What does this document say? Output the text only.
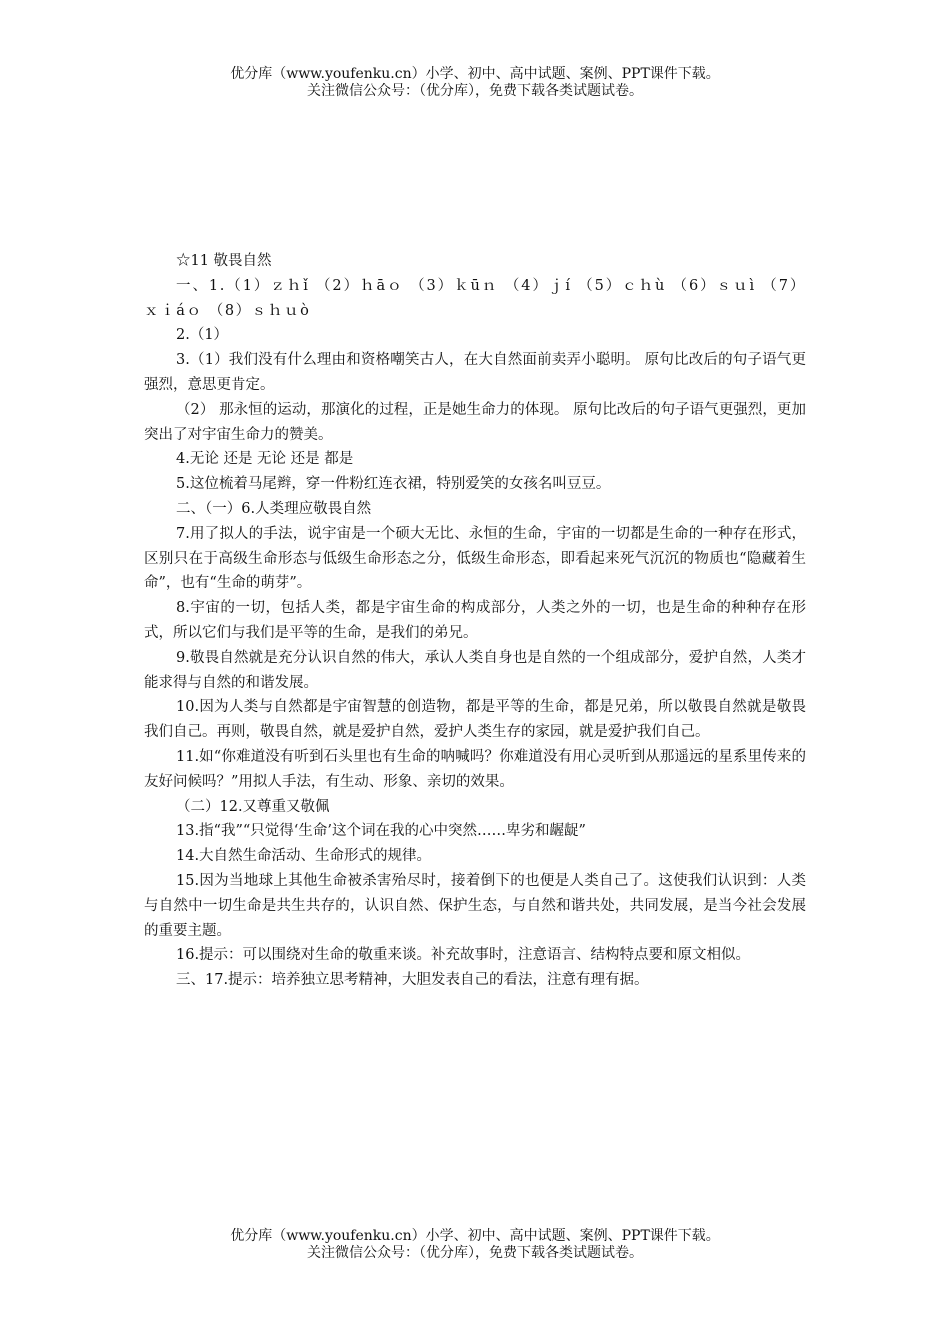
优分库（www.youfenku.cn）小学、初中、高中试题、案例、PPT课件下载。
关注微信公众号：（优分库），免费下载各类试题试卷。

☆11 敬畏自然

一、1.（1）ｚｈǐ （2）ｈāｏ （3）ｋūｎ （4）ｊí （5）ｃｈù （6）ｓｕì （7）ｘｉáｏ （8）ｓｈｕò

2.（1）

3.（1）我们没有什么理由和资格嘲笑古人，在大自然面前卖弄小聪明。 原句比改后的句子语气更强烈，意思更肯定。

（2） 那永恒的运动，那演化的过程，正是她生命力的体现。 原句比改后的句子语气更强烈，更加突出了对宇宙生命力的赞美。

4.无论 还是 无论 还是 都是

5.这位梳着马尾辫，穿一件粉红连衣裙，特别爱笑的女孩名叫豆豆。

二、（一）6.人类理应敬畏自然

7.用了拟人的手法，说宇宙是一个硕大无比、永恒的生命，宇宙的一切都是生命的一种存在形式，区别只在于高级生命形态与低级生命形态之分，低级生命形态，即看起来死气沉沉的物质也“隐藏着生命”，也有“生命的萌芽”。

8.宇宙的一切，包括人类，都是宇宙生命的构成部分，人类之外的一切，也是生命的种种存在形式，所以它们与我们是平等的生命，是我们的弟兄。

9.敬畏自然就是充分认识自然的伟大，承认人类自身也是自然的一个组成部分，爱护自然，人类才能求得与自然的和谐发展。

10.因为人类与自然都是宇宙智慧的创造物，都是平等的生命，都是兄弟，所以敬畏自然就是敬畏我们自己。再则，敬畏自然，就是爱护自然，爱护人类生存的家园，就是爱护我们自己。

11.如“你难道没有听到石头里也有生命的呐喊吗？你难道没有用心灵听到从那遥远的星系里传来的友好问候吗？”用拟人手法，有生动、形象、亲切的效果。

（二）12.又尊重又敬佩

13.指“我”“只觉得‘生命’这个词在我的心中突然……卑劣和龌龊”

14.大自然生命活动、生命形式的规律。

15.因为当地球上其他生命被杀害殆尽时，接着倒下的也便是人类自己了。这使我们认识到：人类与自然中一切生命是共生共存的，认识自然、保护生态，与自然和谐共处，共同发展，是当今社会发展的重要主题。

16.提示：可以围绕对生命的敬重来谈。补充故事时，注意语言、结构特点要和原文相似。

三、17.提示：培养独立思考精神，大胆发表自己的看法，注意有理有据。

优分库（www.youfenku.cn）小学、初中、高中试题、案例、PPT课件下载。
关注微信公众号：（优分库），免费下载各类试题试卷。
